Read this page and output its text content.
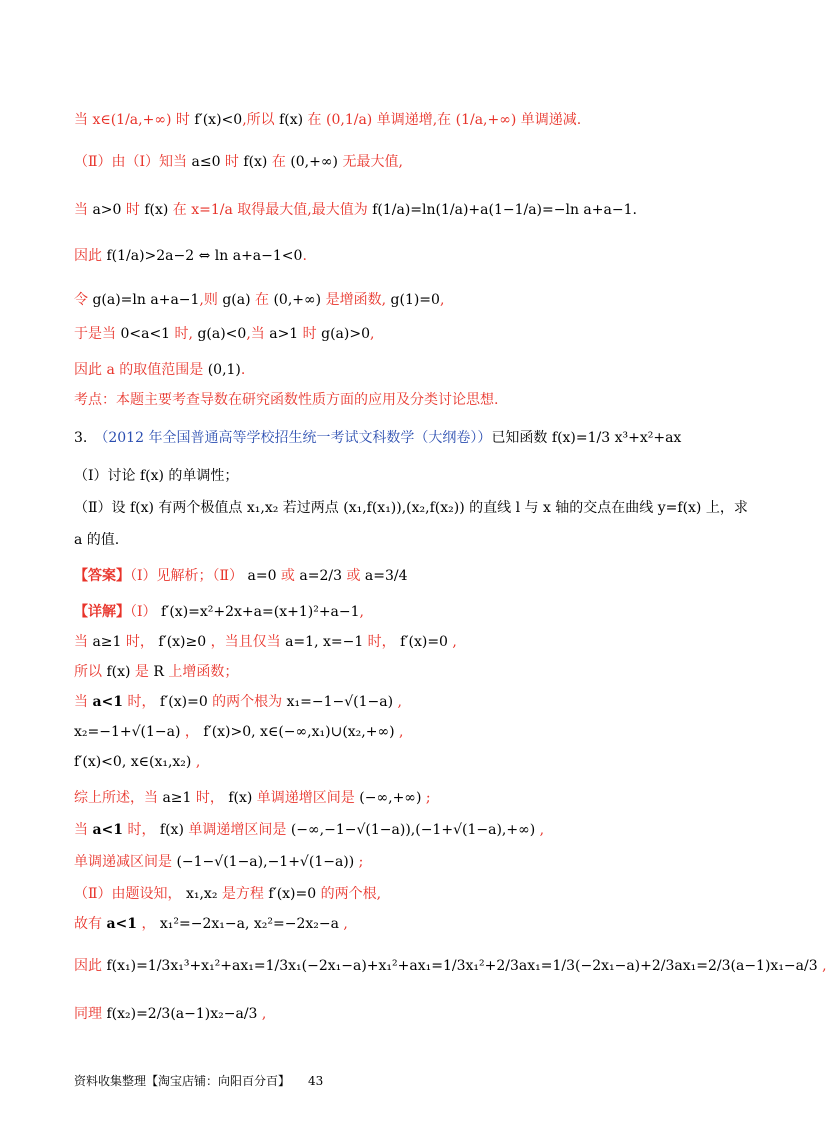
当 x∈(1/a,+∞) 时 f′(x)<0,所以 f(x) 在 (0,1/a) 单调递增,在 (1/a,+∞) 单调递减.
（Ⅱ）由（Ⅰ）知当 a≤0 时 f(x) 在 (0,+∞) 无最大值,
当 a>0 时 f(x) 在 x=1/a 取得最大值,最大值为 f(1/a)=ln(1/a)+a(1−1/a)=−ln a+a−1.
因此 f(1/a)>2a−2 ⇔ ln a+a−1<0.
令 g(a)=ln a+a−1,则 g(a) 在 (0,+∞) 是增函数, g(1)=0,
于是当 0<a<1 时, g(a)<0,当 a>1 时 g(a)>0,
因此 a 的取值范围是 (0,1).
考点：本题主要考查导数在研究函数性质方面的应用及分类讨论思想.
3.　（2012 年全国普通高等学校招生统一考试文科数学（大纲卷））已知函数 f(x)=1/3 x³+x²+ax
（Ⅰ）讨论 f(x) 的单调性；
（Ⅱ）设 f(x) 有两个极值点 x₁,x₂ 若过两点 (x₁,f(x₁)),(x₂,f(x₂)) 的直线 l 与 x 轴的交点在曲线 y=f(x) 上，求
a 的值.
【答案】（Ⅰ）见解析；（Ⅱ） a=0 或 a=2/3 或 a=3/4
【详解】（Ⅰ） f′(x)=x²+2x+a=(x+1)²+a−1,
当 a≥1 时， f′(x)≥0 ，当且仅当 a=1, x=−1 时， f′(x)=0 ,
所以 f(x) 是 R 上增函数；
当 a<1 时， f′(x)=0 的两个根为 x₁=−1−√(1−a) ,
x₂=−1+√(1−a) ， f′(x)>0, x∈(−∞,x₁)∪(x₂,+∞) ,
f′(x)<0, x∈(x₁,x₂) ,
综上所述，当 a≥1 时， f(x) 单调递增区间是 (−∞,+∞) ;
当 a<1 时， f(x) 单调递增区间是 (−∞,−1−√(1−a)),(−1+√(1−a),+∞) ,
单调递减区间是 (−1−√(1−a),−1+√(1−a)) ;
（Ⅱ）由题设知， x₁,x₂ 是方程 f′(x)=0 的两个根,
故有 a<1 ， x₁²=−2x₁−a, x₂²=−2x₂−a ,
因此 f(x₁)=1/3x₁³+x₁²+ax₁=1/3x₁(−2x₁−a)+x₁²+ax₁=1/3x₁²+2/3ax₁=1/3(−2x₁−a)+2/3ax₁=2/3(a−1)x₁−a/3 ,
同理 f(x₂)=2/3(a−1)x₂−a/3 ,
资料收集整理【淘宝店铺：向阳百分百】 43
